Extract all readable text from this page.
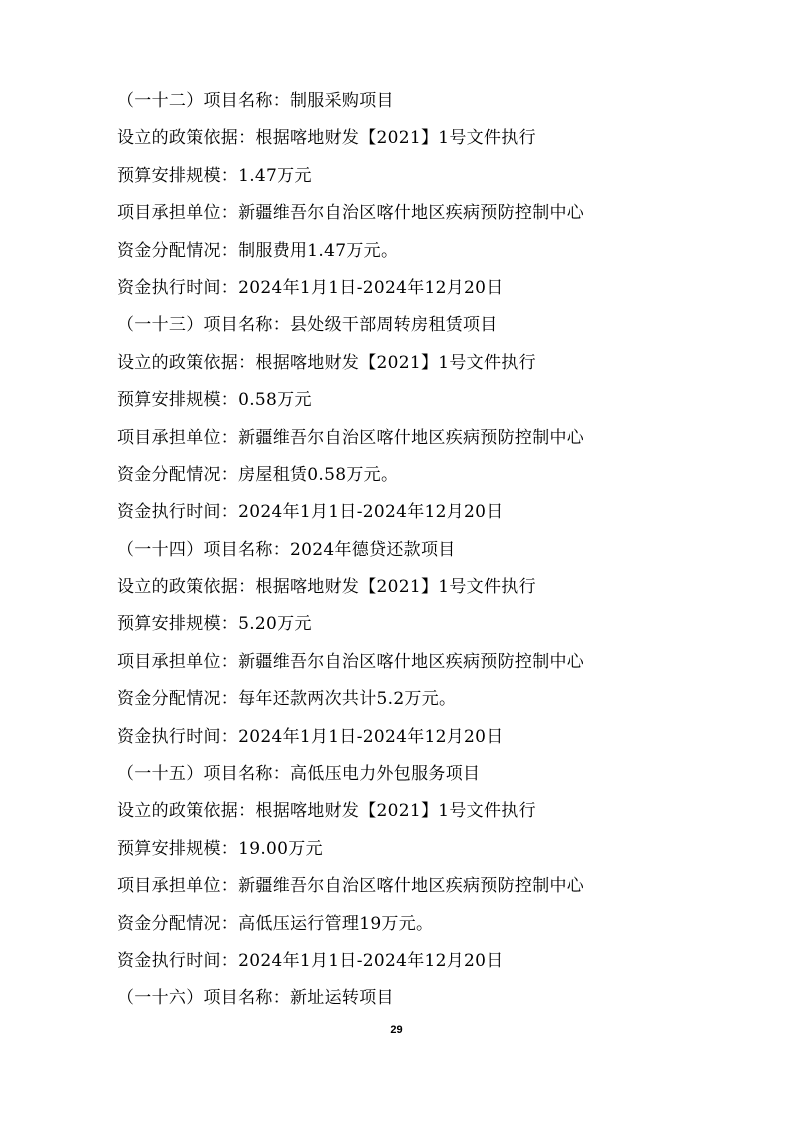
（一十二）项目名称：制服采购项目
设立的政策依据：根据喀地财发【2021】1号文件执行
预算安排规模：1.47万元
项目承担单位：新疆维吾尔自治区喀什地区疾病预防控制中心
资金分配情况：制服费用1.47万元。
资金执行时间：2024年1月1日-2024年12月20日
（一十三）项目名称：县处级干部周转房租赁项目
设立的政策依据：根据喀地财发【2021】1号文件执行
预算安排规模：0.58万元
项目承担单位：新疆维吾尔自治区喀什地区疾病预防控制中心
资金分配情况：房屋租赁0.58万元。
资金执行时间：2024年1月1日-2024年12月20日
（一十四）项目名称：2024年德贷还款项目
设立的政策依据：根据喀地财发【2021】1号文件执行
预算安排规模：5.20万元
项目承担单位：新疆维吾尔自治区喀什地区疾病预防控制中心
资金分配情况：每年还款两次共计5.2万元。
资金执行时间：2024年1月1日-2024年12月20日
（一十五）项目名称：高低压电力外包服务项目
设立的政策依据：根据喀地财发【2021】1号文件执行
预算安排规模：19.00万元
项目承担单位：新疆维吾尔自治区喀什地区疾病预防控制中心
资金分配情况：高低压运行管理19万元。
资金执行时间：2024年1月1日-2024年12月20日
（一十六）项目名称：新址运转项目
29
